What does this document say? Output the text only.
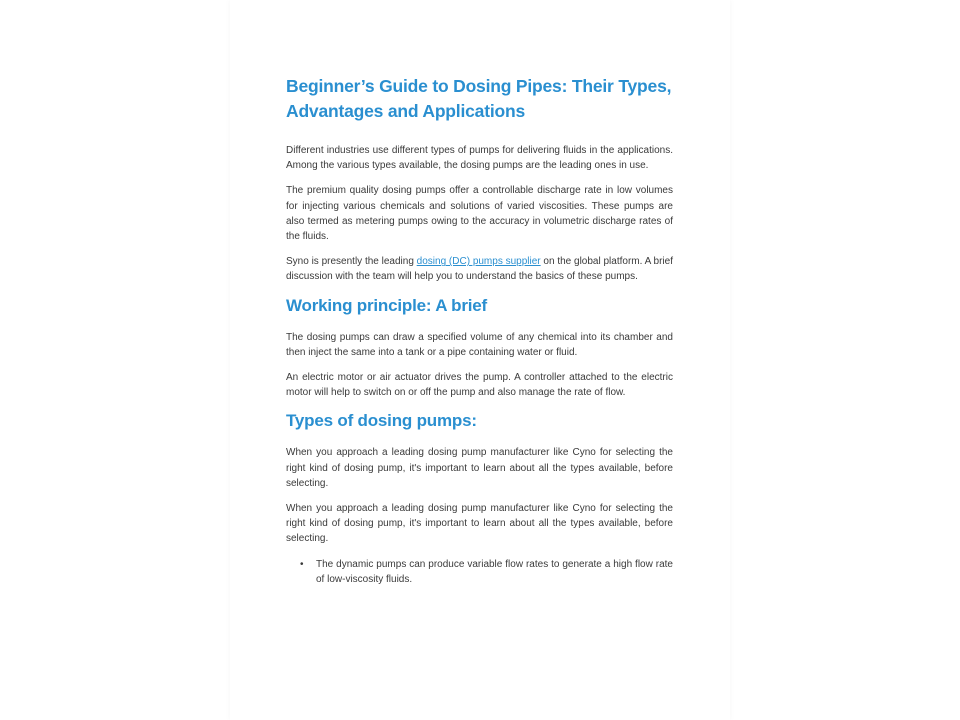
Beginner’s Guide to Dosing Pipes: Their Types, Advantages and Applications

Different industries use different types of pumps for delivering fluids in the applications. Among the various types available, the dosing pumps are the leading ones in use.

The premium quality dosing pumps offer a controllable discharge rate in low volumes for injecting various chemicals and solutions of varied viscosities. These pumps are also termed as metering pumps owing to the accuracy in volumetric discharge rates of the fluids.

Syno is presently the leading dosing (DC) pumps supplier on the global platform. A brief discussion with the team will help you to understand the basics of these pumps.

Working principle: A brief

The dosing pumps can draw a specified volume of any chemical into its chamber and then inject the same into a tank or a pipe containing water or fluid.

An electric motor or air actuator drives the pump. A controller attached to the electric motor will help to switch on or off the pump and also manage the rate of flow.

Types of dosing pumps:

When you approach a leading dosing pump manufacturer like Cyno for selecting the right kind of dosing pump, it's important to learn about all the types available, before selecting.

When you approach a leading dosing pump manufacturer like Cyno for selecting the right kind of dosing pump, it's important to learn about all the types available, before selecting.

• The dynamic pumps can produce variable flow rates to generate a high flow rate of low-viscosity fluids.
